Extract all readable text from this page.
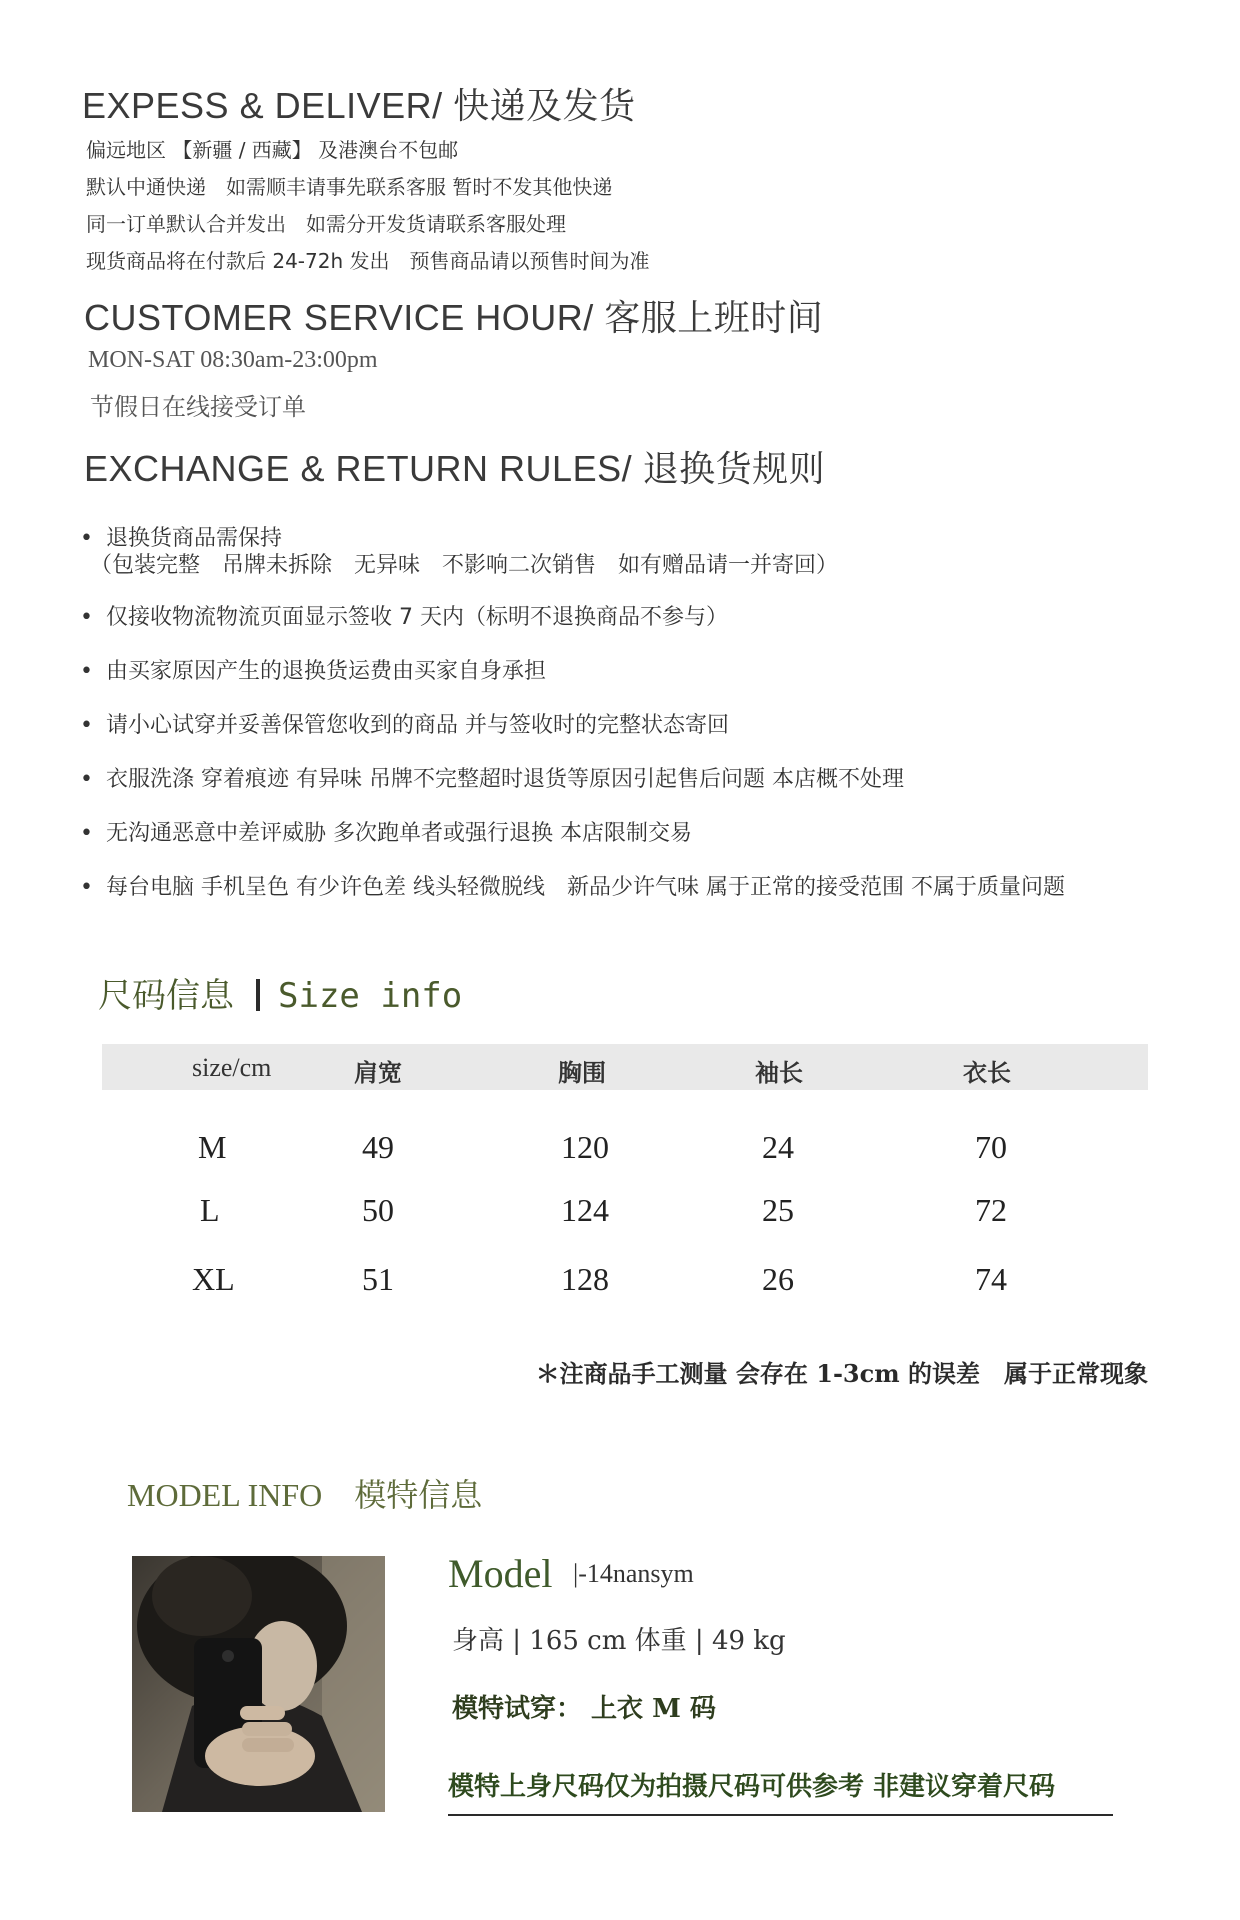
EXPESS & DELIVER/ 快递及发货
偏远地区 【新疆 / 西藏】 及港澳台不包邮
默认中通快递　如需顺丰请事先联系客服 暂时不发其他快递
同一订单默认合并发出　如需分开发货请联系客服处理
现货商品将在付款后 24-72h 发出　预售商品请以预售时间为准
CUSTOMER SERVICE HOUR/ 客服上班时间
MON-SAT 08:30am-23:00pm
节假日在线接受订单
EXCHANGE & RETURN RULES/ 退换货规则
• 退换货商品需保持
（包装完整　吊牌未拆除　无异味　不影响二次销售　如有赠品请一并寄回）
• 仅接收物流物流页面显示签收 7 天内（标明不退换商品不参与）
• 由买家原因产生的退换货运费由买家自身承担
• 请小心试穿并妥善保管您收到的商品 并与签收时的完整状态寄回
• 衣服洗涤 穿着痕迹 有异味 吊牌不完整超时退货等原因引起售后问题 本店概不处理
• 无沟通恶意中差评威胁 多次跑单者或强行退换 本店限制交易
• 每台电脑 手机呈色 有少许色差 线头轻微脱线　新品少许气味 属于正常的接受范围 不属于质量问题
尺码信息 Size info
size/cm	肩宽	胸围	袖长	衣长
M	49	120	24	70
L	50	124	25	72
XL	51	128	26	74
＊注商品手工测量 会存在 1-3cm 的误差　属于正常现象
MODEL INFO　模特信息
Model |-14nansym
身高 | 165 cm 体重 | 49 kg
模特试穿： 上衣 M 码
模特上身尺码仅为拍摄尺码可供参考 非建议穿着尺码
